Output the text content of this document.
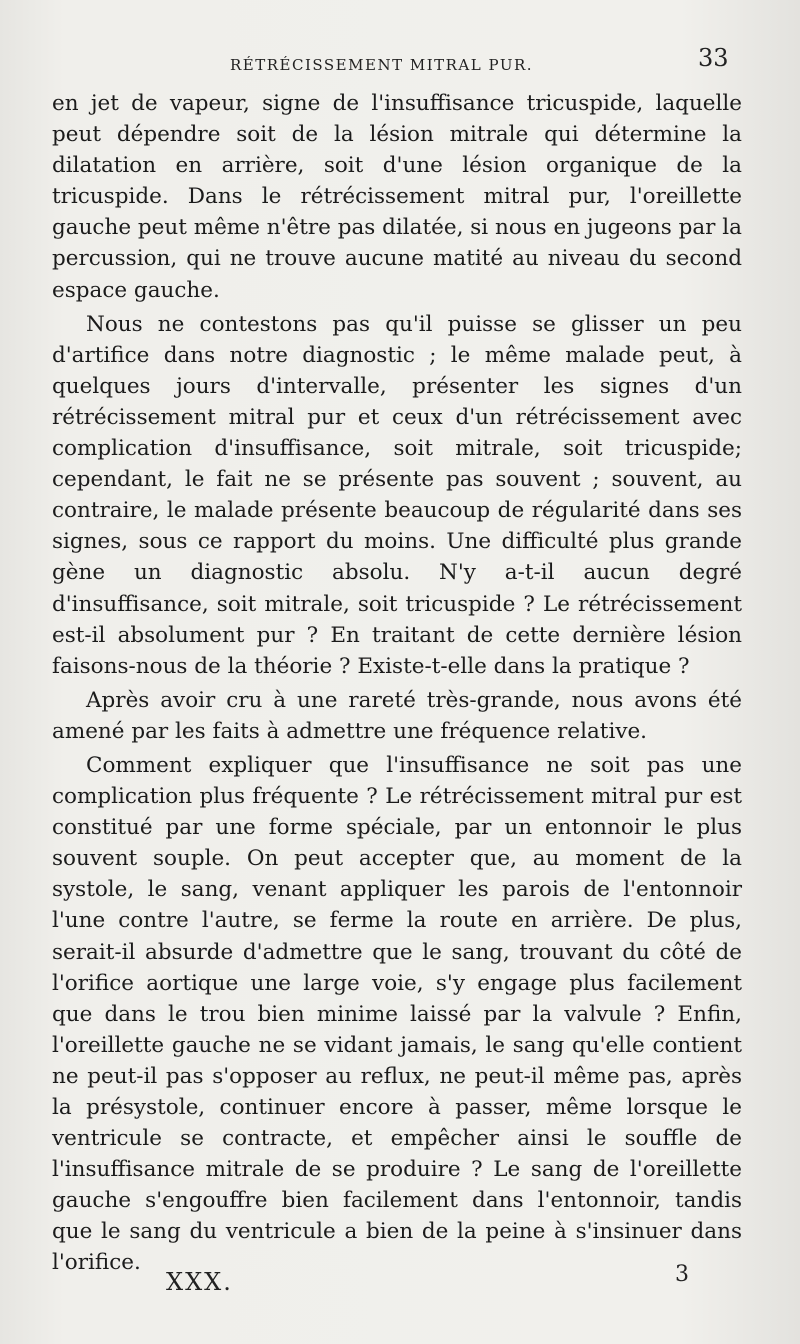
RÉTRÉCISSEMENT MITRAL PUR.	33

en jet de vapeur, signe de l'insuffisance tricuspide, laquelle peut dépendre soit de la lésion mitrale qui détermine la dilatation en arrière, soit d'une lésion organique de la tricuspide. Dans le rétrécissement mitral pur, l'oreillette gauche peut même n'être pas dilatée, si nous en jugeons par la percussion, qui ne trouve aucune matité au niveau du second espace gauche.

Nous ne contestons pas qu'il puisse se glisser un peu d'artifice dans notre diagnostic ; le même malade peut, à quelques jours d'intervalle, présenter les signes d'un rétrécissement mitral pur et ceux d'un rétrécissement avec complication d'insuffisance, soit mitrale, soit tricuspide; cependant, le fait ne se présente pas souvent ; souvent, au contraire, le malade présente beaucoup de régularité dans ses signes, sous ce rapport du moins. Une difficulté plus grande gène un diagnostic absolu. N'y a-t-il aucun degré d'insuffisance, soit mitrale, soit tricuspide ? Le rétrécissement est-il absolument pur ? En traitant de cette dernière lésion faisons-nous de la théorie ? Existe-t-elle dans la pratique ?

Après avoir cru à une rareté très-grande, nous avons été amené par les faits à admettre une fréquence relative.

Comment expliquer que l'insuffisance ne soit pas une complication plus fréquente ? Le rétrécissement mitral pur est constitué par une forme spéciale, par un entonnoir le plus souvent souple. On peut accepter que, au moment de la systole, le sang, venant appliquer les parois de l'entonnoir l'une contre l'autre, se ferme la route en arrière. De plus, serait-il absurde d'admettre que le sang, trouvant du côté de l'orifice aortique une large voie, s'y engage plus facilement que dans le trou bien minime laissé par la valvule ? Enfin, l'oreillette gauche ne se vidant jamais, le sang qu'elle contient ne peut-il pas s'opposer au reflux, ne peut-il même pas, après la présystole, continuer encore à passer, même lorsque le ventricule se contracte, et empêcher ainsi le souffle de l'insuffisance mitrale de se produire ? Le sang de l'oreillette gauche s'engouffre bien facilement dans l'entonnoir, tandis que le sang du ventricule a bien de la peine à s'insinuer dans l'orifice.

XXX.	3
